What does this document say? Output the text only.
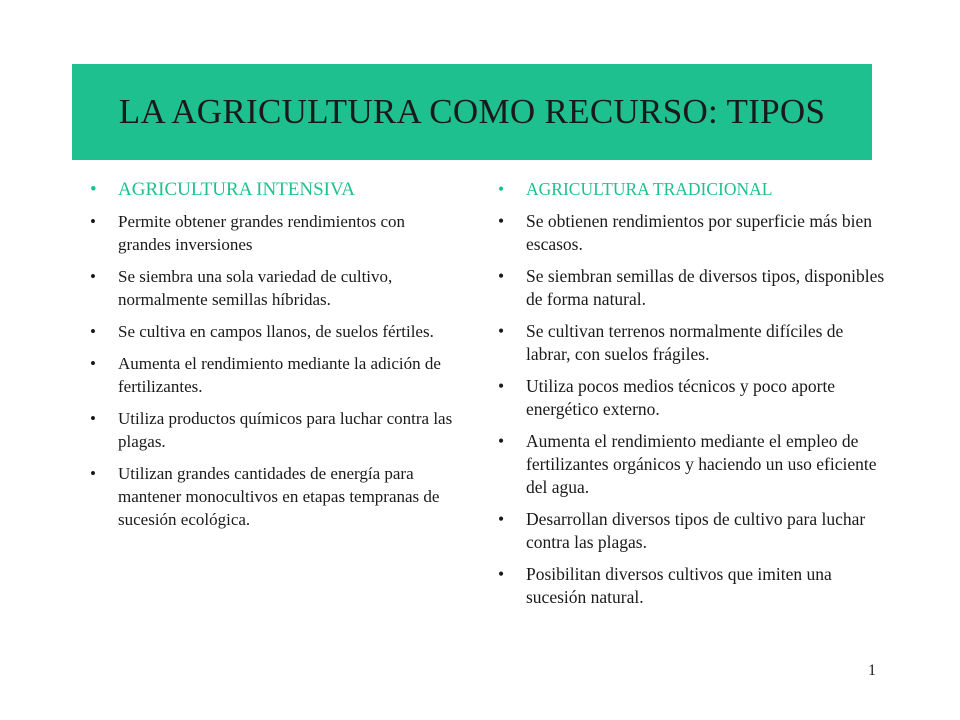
LA AGRICULTURA COMO RECURSO: TIPOS
• AGRICULTURA INTENSIVA
• Permite obtener grandes rendimientos con grandes inversiones
• Se siembra una sola variedad de cultivo, normalmente semillas híbridas.
• Se cultiva en campos llanos, de suelos fértiles.
• Aumenta el rendimiento mediante la adición de fertilizantes.
• Utiliza productos químicos para luchar contra las plagas.
• Utilizan grandes cantidades de energía para mantener monocultivos en etapas tempranas de sucesión ecológica.
• AGRICULTURA TRADICIONAL
• Se obtienen rendimientos por superficie más bien escasos.
• Se siembran semillas de diversos tipos, disponibles de forma natural.
• Se cultivan terrenos normalmente difíciles de labrar, con suelos frágiles.
• Utiliza pocos medios técnicos y poco aporte energético externo.
• Aumenta el rendimiento mediante el empleo de fertilizantes orgánicos y haciendo un uso eficiente del agua.
• Desarrollan diversos tipos de cultivo para luchar contra las plagas.
• Posibilitan diversos cultivos que imiten una sucesión natural.
1
